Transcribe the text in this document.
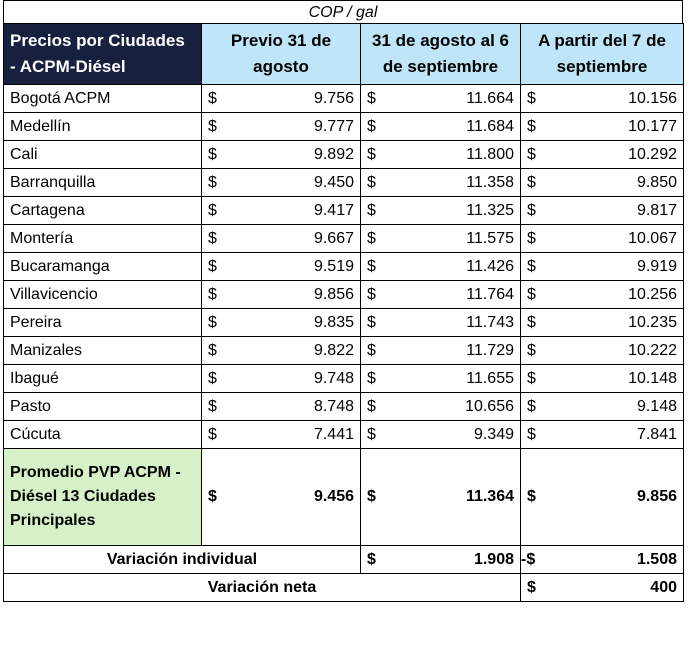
COP / gal
Precios por Ciudades - ACPM-Diésel	Previo 31 de agosto	31 de agosto al 6 de septiembre	A partir del 7 de septiembre
Bogotá ACPM	$ 9.756	$ 11.664	$ 10.156

Medellín	$ 9.777	$ 11.684	$ 10.177

Cali	$ 9.892	$ 11.800	$ 10.292

Barranquilla	$ 9.450	$ 11.358	$ 9.850

Cartagena	$ 9.417	$ 11.325	$ 9.817

Montería	$ 9.667	$ 11.575	$ 10.067

Bucaramanga	$ 9.519	$ 11.426	$ 9.919

Villavicencio	$ 9.856	$ 11.764	$ 10.256

Pereira	$ 9.835	$ 11.743	$ 10.235

Manizales	$ 9.822	$ 11.729	$ 10.222

Ibagué	$ 9.748	$ 11.655	$ 10.148

Pasto	$ 8.748	$ 10.656	$ 9.148

Cúcuta	$ 7.441	$ 9.349	$ 7.841

Promedio PVP ACPM -Diésel 13 Ciudades Principales	$ 9.456	$ 11.364	$ 9.856

Variación individual		$ 1.908	-$ 1.508

Variación neta			$ 400
